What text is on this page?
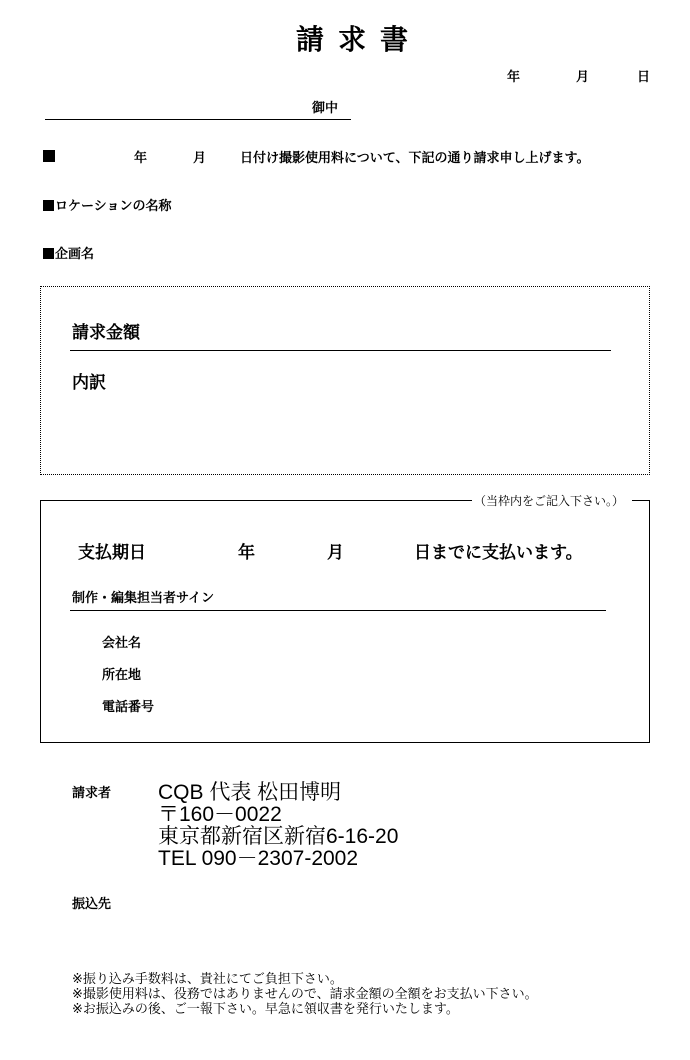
請求書
年	月	日
御中
年	月	日付け撮影使用料について、下記の通り請求申し上げます。
ロケーションの名称
企画名
請求金額
内訳
（当枠内をご記入下さい。）
支払期日	年	月	日までに支払います。
制作・編集担当者サイン
会社名
所在地
電話番号
請求者 CQB 代表 松田博明
〒160－0022
東京都新宿区新宿6-16-20
TEL 090－2307-2002
振込先
※振り込み手数料は、貴社にてご負担下さい。
※撮影使用料は、役務ではありませんので、請求金額の全額をお支払い下さい。
※お振込みの後、ご一報下さい。早急に領収書を発行いたします。
